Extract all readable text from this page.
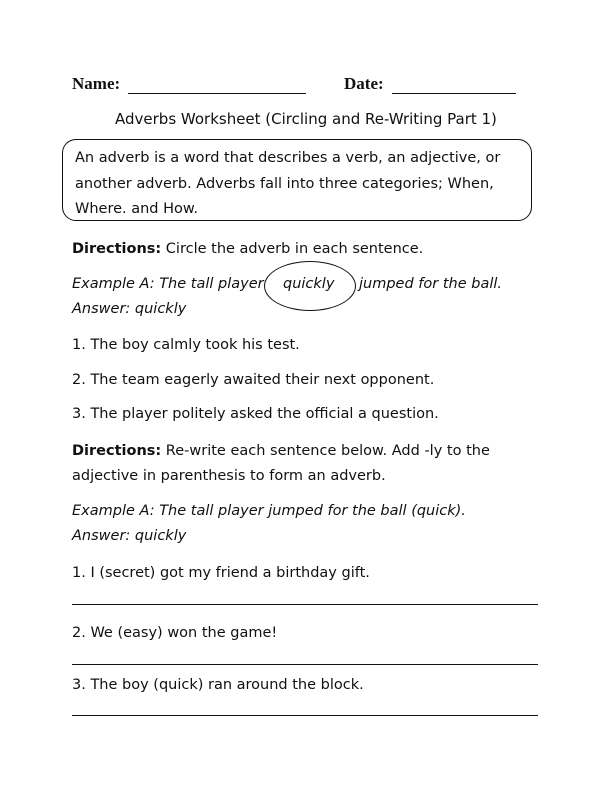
Name:	Date:
Adverbs Worksheet (Circling and Re-Writing Part 1)
An adverb is a word that describes a verb, an adjective, or
another adverb. Adverbs fall into three categories; When,
Where. and How.
Directions: Circle the adverb in each sentence.
Example A: The tall player quickly jumped for the ball.
Answer: quickly
1. The boy calmly took his test.
2. The team eagerly awaited their next opponent.
3. The player politely asked the official a question.
Directions: Re-write each sentence below. Add -ly to the
adjective in parenthesis to form an adverb.
Example A: The tall player jumped for the ball (quick).
Answer: quickly
1. I (secret) got my friend a birthday gift.
2. We (easy) won the game!
3. The boy (quick) ran around the block.
